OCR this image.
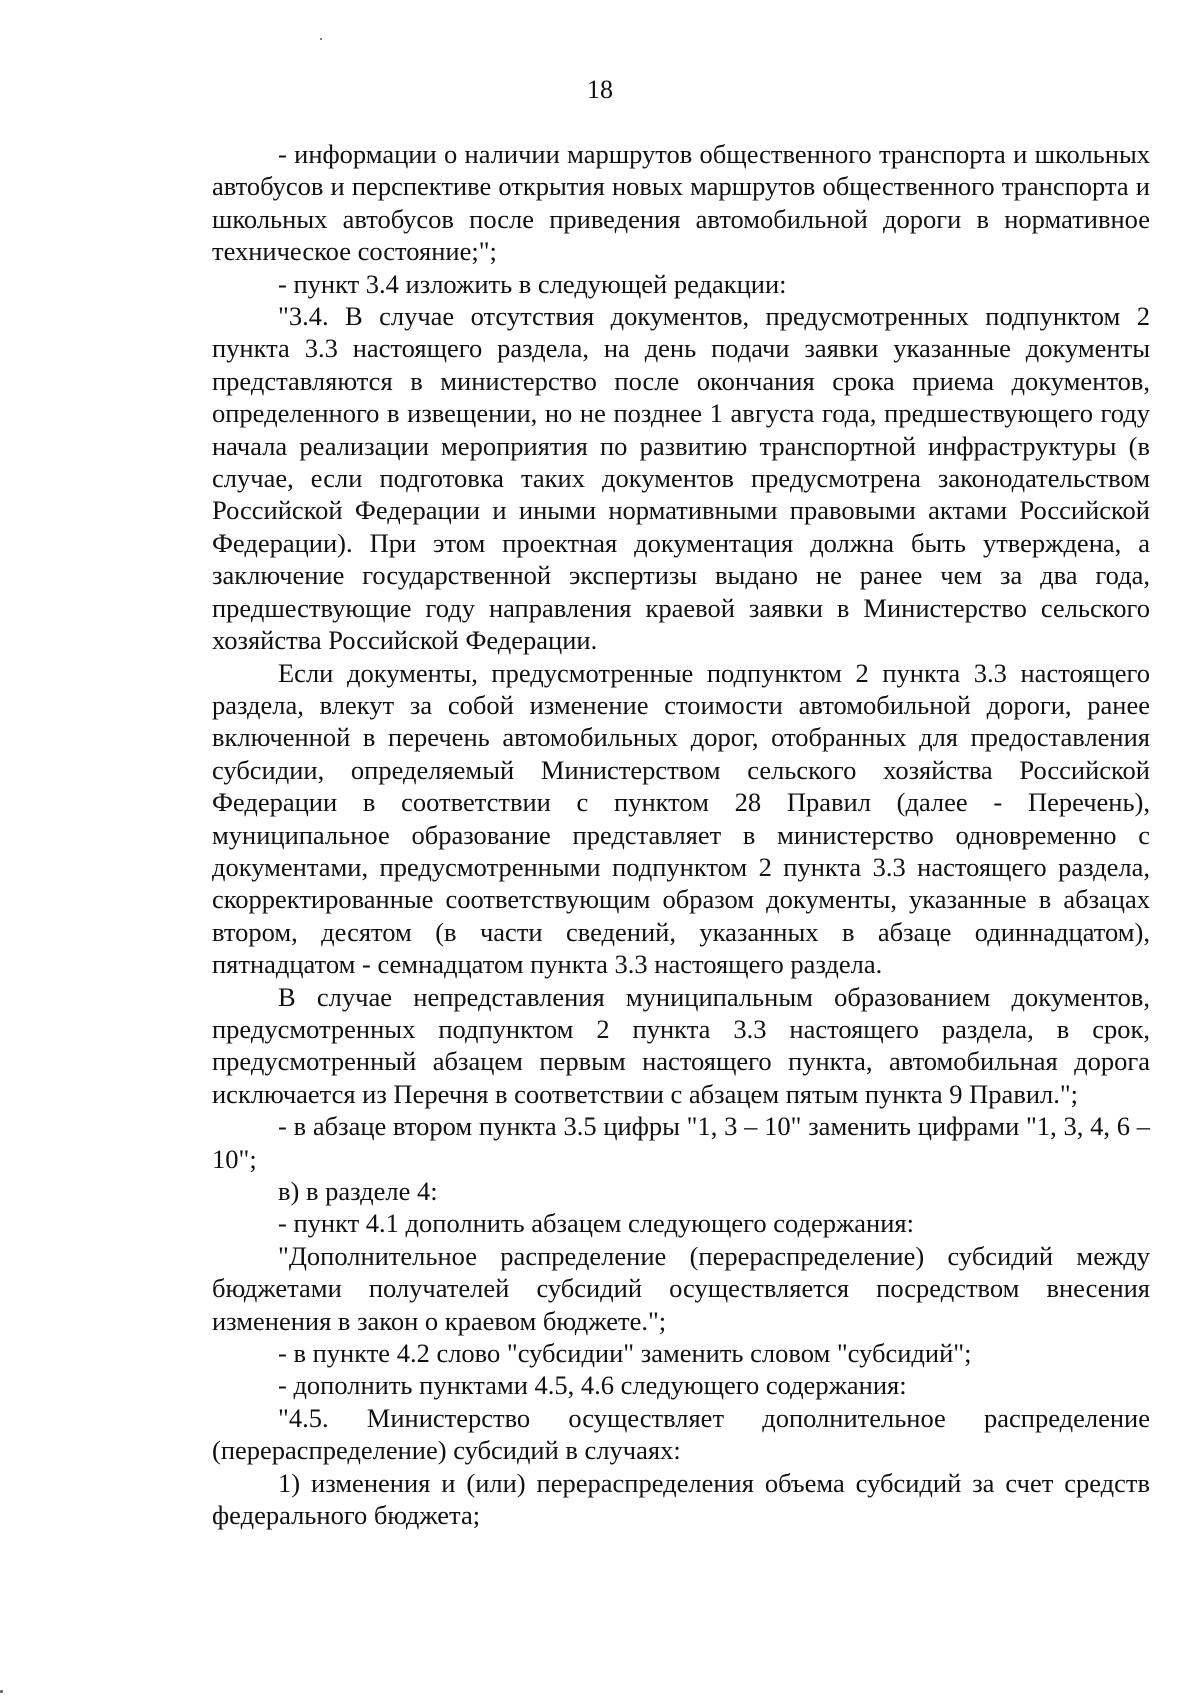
18

- информации о наличии маршрутов общественного транспорта и школьных автобусов и перспективе открытия новых маршрутов общественного транспорта и школьных автобусов после приведения автомобильной дороги в нормативное техническое состояние;";

- пункт 3.4 изложить в следующей редакции:

"3.4. В случае отсутствия документов, предусмотренных подпунктом 2 пункта 3.3 настоящего раздела, на день подачи заявки указанные документы представляются в министерство после окончания срока приема документов, определенного в извещении, но не позднее 1 августа года, предшествующего году начала реализации мероприятия по развитию транспортной инфраструктуры (в случае, если подготовка таких документов предусмотрена законодательством Российской Федерации и иными нормативными правовыми актами Российской Федерации). При этом проектная документация должна быть утверждена, а заключение государственной экспертизы выдано не ранее чем за два года, предшествующие году направления краевой заявки в Министерство сельского хозяйства Российской Федерации.

Если документы, предусмотренные подпунктом 2 пункта 3.3 настоящего раздела, влекут за собой изменение стоимости автомобильной дороги, ранее включенной в перечень автомобильных дорог, отобранных для предоставления субсидии, определяемый Министерством сельского хозяйства Российской Федерации в соответствии с пунктом 28 Правил (далее - Перечень), муниципальное образование представляет в министерство одновременно с документами, предусмотренными подпунктом 2 пункта 3.3 настоящего раздела, скорректированные соответствующим образом документы, указанные в абзацах втором, десятом (в части сведений, указанных в абзаце одиннадцатом), пятнадцатом - семнадцатом пункта 3.3 настоящего раздела.

В случае непредставления муниципальным образованием документов, предусмотренных подпунктом 2 пункта 3.3 настоящего раздела, в срок, предусмотренный абзацем первым настоящего пункта, автомобильная дорога исключается из Перечня в соответствии с абзацем пятым пункта 9 Правил.";

- в абзаце втором пункта 3.5 цифры "1, 3 – 10" заменить цифрами "1, 3, 4, 6 –10";

в) в разделе 4:

- пункт 4.1 дополнить абзацем следующего содержания:

"Дополнительное распределение (перераспределение) субсидий между бюджетами получателей субсидий осуществляется посредством внесения изменения в закон о краевом бюджете.";

- в пункте 4.2 слово "субсидии" заменить словом "субсидий";

- дополнить пунктами 4.5, 4.6 следующего содержания:

"4.5. Министерство осуществляет дополнительное распределение (перераспределение) субсидий в случаях:

1) изменения и (или) перераспределения объема субсидий за счет средств федерального бюджета;
